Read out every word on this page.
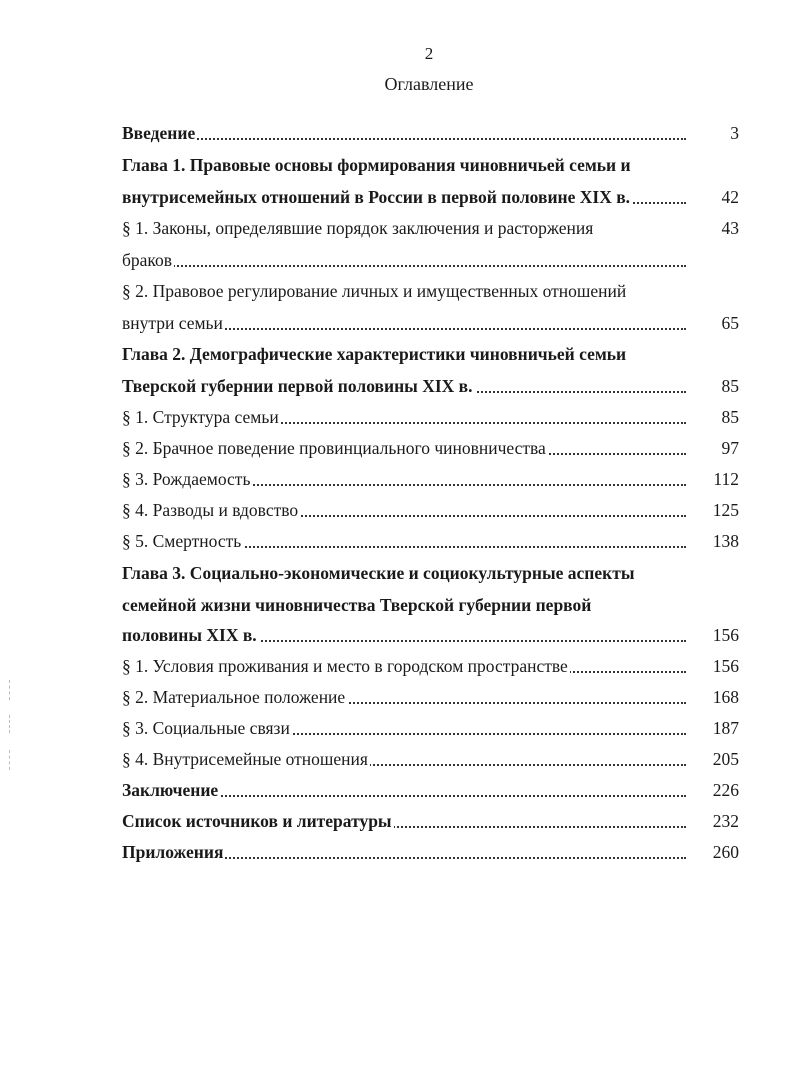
2
Оглавление
Введение	3
Глава 1. Правовые основы формирования чиновничьей семьи и
внутрисемейных отношений в России в первой половине XIX в.	42
§ 1. Законы, определявшие порядок заключения и расторжения	43
браков
§ 2. Правовое регулирование личных и имущественных отношений
внутри семьи	65
Глава 2. Демографические характеристики чиновничьей семьи
Тверской губернии первой половины XIX в.	85
§ 1. Структура семьи	85
§ 2. Брачное поведение провинциального чиновничества	97
§ 3. Рождаемость	112
§ 4. Разводы и вдовство	125
§ 5. Смертность	138
Глава 3. Социально-экономические и социокультурные аспекты
семейной жизни чиновничества Тверской губернии первой
половины XIX в.	156
§ 1. Условия проживания и место в городском пространстве	156
§ 2. Материальное положение	168
§ 3. Социальные связи	187
§ 4. Внутрисемейные отношения	205
Заключение	226
Список источников и литературы	232
Приложения	260
